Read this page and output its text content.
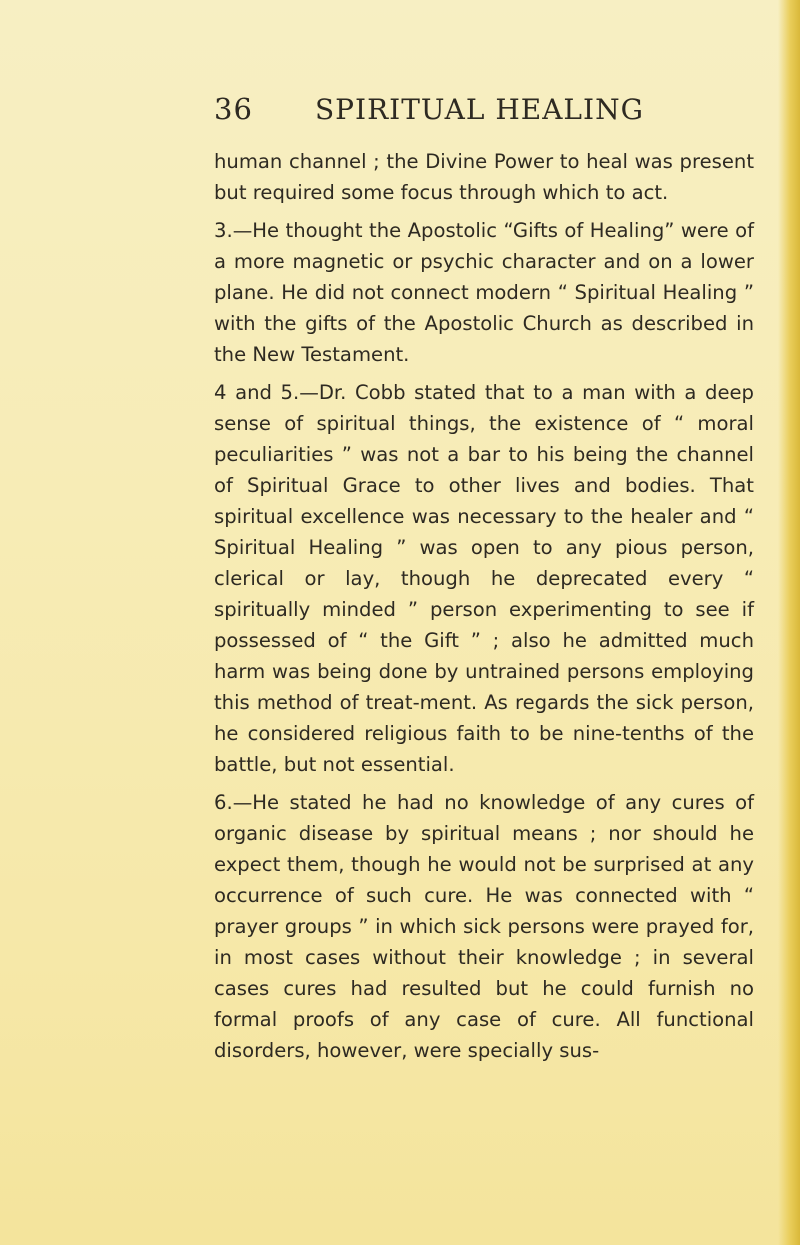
36	SPIRITUAL HEALING

human channel ; the Divine Power to heal was present but required some focus through which to act.

3.—He thought the Apostolic “Gifts of Healing” were of a more magnetic or psychic character and on a lower plane. He did not connect modern “ Spiritual Healing ” with the gifts of the Apostolic Church as described in the New Testament.

4 and 5.—Dr. Cobb stated that to a man with a deep sense of spiritual things, the existence of “ moral peculiarities ” was not a bar to his being the channel of Spiritual Grace to other lives and bodies. That spiritual excellence was necessary to the healer and “ Spiritual Healing ” was open to any pious person, clerical or lay, though he deprecated every “ spiritually minded ” person experimenting to see if possessed of “ the Gift ” ; also he admitted much harm was being done by untrained persons employing this method of treat-ment. As regards the sick person, he considered religious faith to be nine-tenths of the battle, but not essential.

6.—He stated he had no knowledge of any cures of organic disease by spiritual means ; nor should he expect them, though he would not be surprised at any occurrence of such cure. He was connected with “ prayer groups ” in which sick persons were prayed for, in most cases without their knowledge ; in several cases cures had resulted but he could furnish no formal proofs of any case of cure. All functional disorders, however, were specially sus-
